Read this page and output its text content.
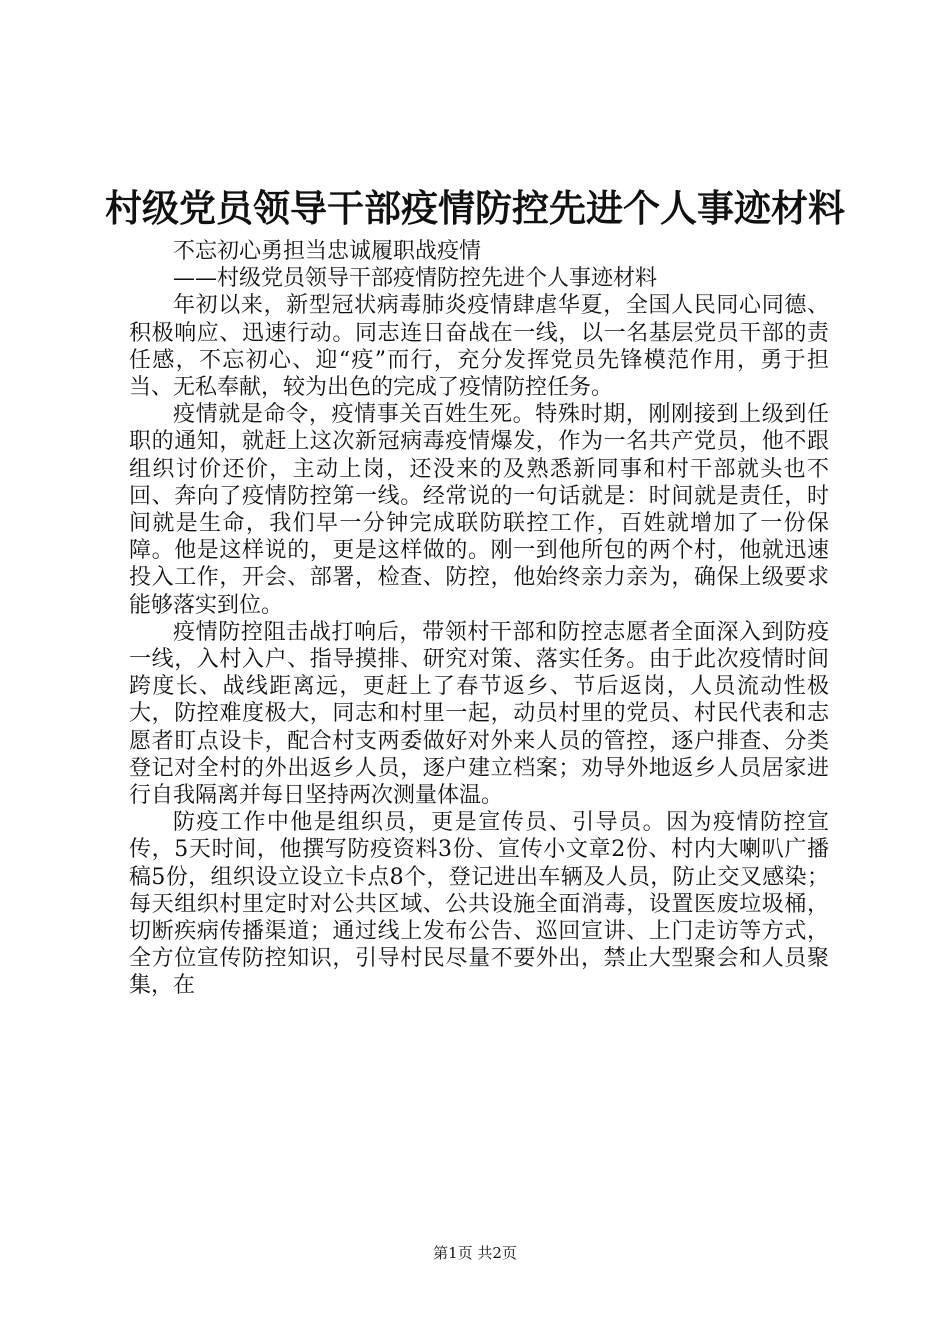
村级党员领导干部疫情防控先进个人事迹材料

不忘初心勇担当忠诚履职战疫情

——村级党员领导干部疫情防控先进个人事迹材料

年初以来，新型冠状病毒肺炎疫情肆虐华夏，全国人民同心同德、积极响应、迅速行动。同志连日奋战在一线，以一名基层党员干部的责任感，不忘初心、迎“疫”而行，充分发挥党员先锋模范作用，勇于担当、无私奉献，较为出色的完成了疫情防控任务。

疫情就是命令，疫情事关百姓生死。特殊时期，刚刚接到上级到任职的通知，就赶上这次新冠病毒疫情爆发，作为一名共产党员，他不跟组织讨价还价，主动上岗，还没来的及熟悉新同事和村干部就头也不回、奔向了疫情防控第一线。经常说的一句话就是：时间就是责任，时间就是生命，我们早一分钟完成联防联控工作，百姓就增加了一份保障。他是这样说的，更是这样做的。刚一到他所包的两个村，他就迅速投入工作，开会、部署，检查、防控，他始终亲力亲为，确保上级要求能够落实到位。

疫情防控阻击战打响后，带领村干部和防控志愿者全面深入到防疫一线，入村入户、指导摸排、研究对策、落实任务。由于此次疫情时间跨度长、战线距离远，更赶上了春节返乡、节后返岗，人员流动性极大，防控难度极大，同志和村里一起，动员村里的党员、村民代表和志愿者盯点设卡，配合村支两委做好对外来人员的管控，逐户排查、分类登记对全村的外出返乡人员，逐户建立档案；劝导外地返乡人员居家进行自我隔离并每日坚持两次测量体温。

防疫工作中他是组织员，更是宣传员、引导员。因为疫情防控宣传，5天时间，他撰写防疫资料3份、宣传小文章2份、村内大喇叭广播稿5份，组织设立设立卡点8个，登记进出车辆及人员，防止交叉感染；每天组织村里定时对公共区域、公共设施全面消毒，设置医废垃圾桶，切断疾病传播渠道；通过线上发布公告、巡回宣讲、上门走访等方式，全方位宣传防控知识，引导村民尽量不要外出，禁止大型聚会和人员聚集，在

第1页 共2页
